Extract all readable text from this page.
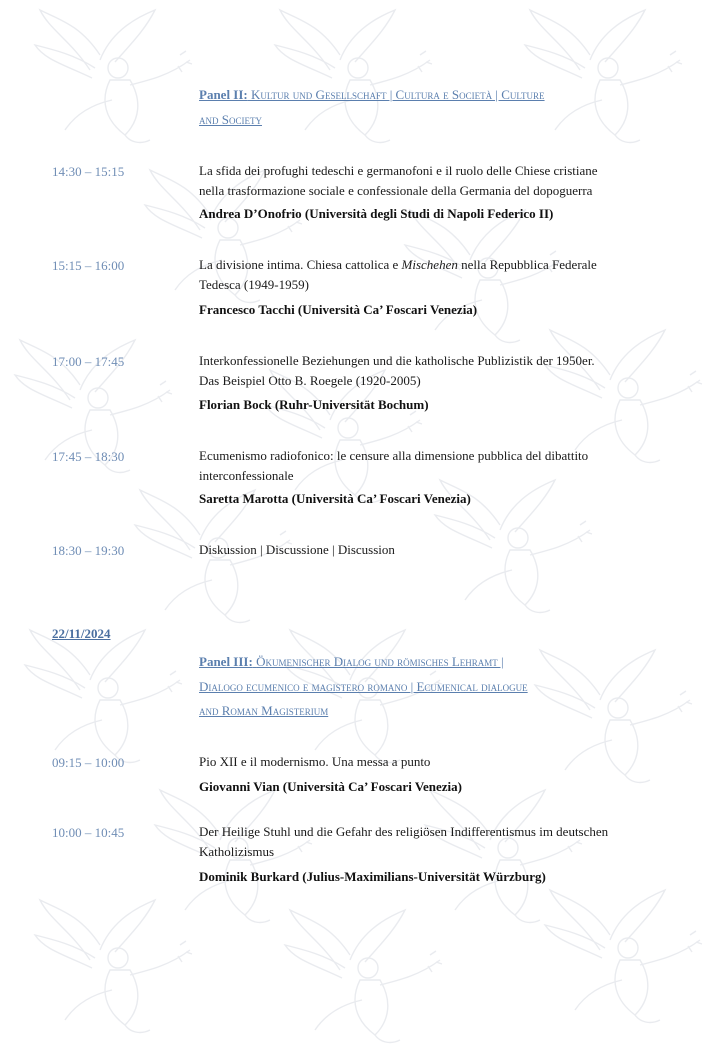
Panel II: Kultur und Gesellschaft | Cultura e Società | Culture
and Society
14:30 – 15:15	La sfida dei profughi tedeschi e germanofoni e il ruolo delle Chiese cristiane
nella trasformazione sociale e confessionale della Germania del dopoguerra
Andrea D’Onofrio (Università degli Studi di Napoli Federico II)
15:15 – 16:00	La divisione intima. Chiesa cattolica e Mischehen nella Repubblica Federale
Tedesca (1949-1959)
Francesco Tacchi (Università Ca’ Foscari Venezia)
17:00 – 17:45	Interkonfessionelle Beziehungen und die katholische Publizistik der 1950er.
Das Beispiel Otto B. Roegele (1920-2005)
Florian Bock (Ruhr-Universität Bochum)
17:45 – 18:30	Ecumenismo radiofonico: le censure alla dimensione pubblica del dibattito
interconfessionale
Saretta Marotta (Università Ca’ Foscari Venezia)
18:30 – 19:30	Diskussion | Discussione | Discussion
22/11/2024
Panel III: Ökumenischer Dialog und römisches Lehramt |
Dialogo ecumenico e magistero romano | Ecumenical dialogue
and Roman Magisterium
09:15 – 10:00	Pio XII e il modernismo. Una messa a punto
Giovanni Vian (Università Ca’ Foscari Venezia)
10:00 – 10:45	Der Heilige Stuhl und die Gefahr des religiösen Indifferentismus im deutschen
Katholizismus
Dominik Burkard (Julius-Maximilians-Universität Würzburg)
